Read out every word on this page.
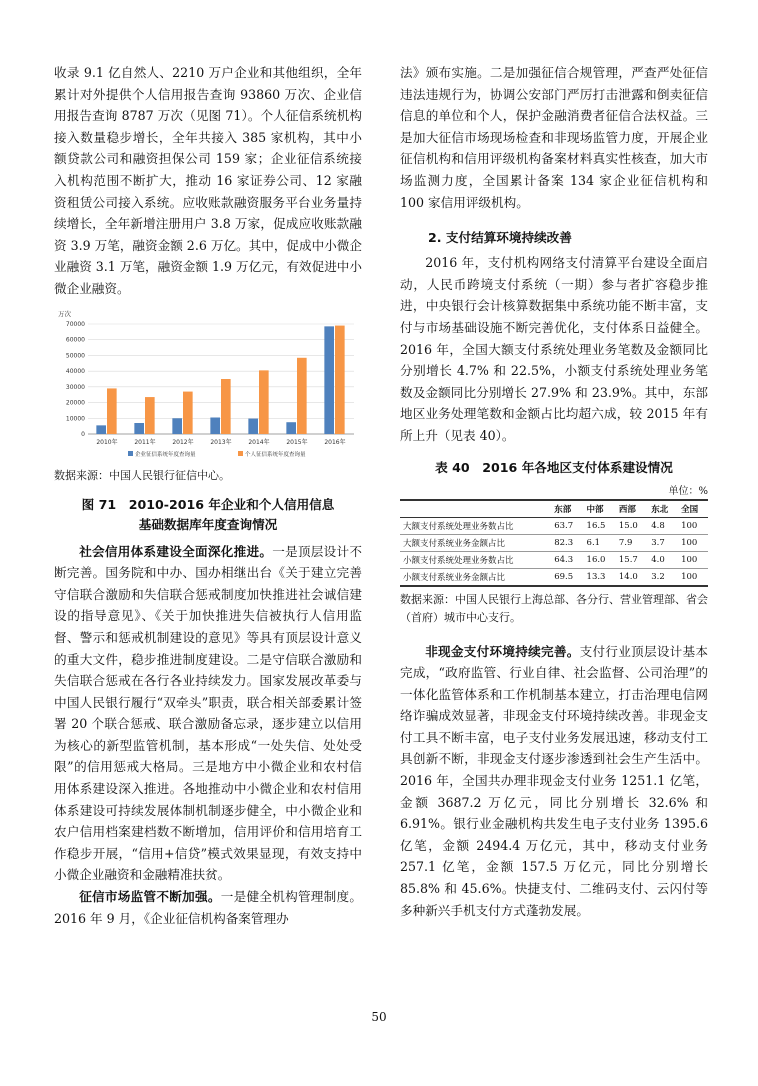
收录 9.1 亿自然人、2210 万户企业和其他组织，全年累计对外提供个人信用报告查询 93860 万次、企业信用报告查询 8787 万次（见图 71）。个人征信系统机构接入数量稳步增长，全年共接入 385 家机构，其中小额贷款公司和融资担保公司 159 家；企业征信系统接入机构范围不断扩大，推动 16 家证券公司、12 家融资租赁公司接入系统。应收账款融资服务平台业务量持续增长，全年新增注册用户 3.8 万家，促成应收账款融资 3.9 万笔，融资金额 2.6 万亿。其中，促成中小微企业融资 3.1 万笔，融资金额 1.9 万亿元，有效促进中小微企业融资。

万次
0
10000
20000
30000
40000
50000
60000
70000
2010年	2011年	2012年	2013年	2014年	2015年	2016年
企业征信系统年度查询量	个人征信系统年度查询量

数据来源：中国人民银行征信中心。

图 71　2010-2016 年企业和个人信用信息
基础数据库年度查询情况

社会信用体系建设全面深化推进。一是顶层设计不断完善。国务院和中办、国办相继出台《关于建立完善守信联合激励和失信联合惩戒制度加快推进社会诚信建设的指导意见》、《关于加快推进失信被执行人信用监督、警示和惩戒机制建设的意见》等具有顶层设计意义的重大文件，稳步推进制度建设。二是守信联合激励和失信联合惩戒在各行各业持续发力。国家发展改革委与中国人民银行履行“双牵头”职责，联合相关部委累计签署 20 个联合惩戒、联合激励备忘录，逐步建立以信用为核心的新型监管机制，基本形成“一处失信、处处受限”的信用惩戒大格局。三是地方中小微企业和农村信用体系建设深入推进。各地推动中小微企业和农村信用体系建设可持续发展体制机制逐步健全，中小微企业和农户信用档案建档数不断增加，信用评价和信用培育工作稳步开展，“信用+信贷”模式效果显现，有效支持中小微企业融资和金融精准扶贫。

征信市场监管不断加强。一是健全机构管理制度。2016 年 9 月，《企业征信机构备案管理办

法》颁布实施。二是加强征信合规管理，严查严处征信违法违规行为，协调公安部门严厉打击泄露和倒卖征信信息的单位和个人，保护金融消费者征信合法权益。三是加大征信市场现场检查和非现场监管力度，开展企业征信机构和信用评级机构备案材料真实性核查，加大市场监测力度，全国累计备案 134 家企业征信机构和 100 家信用评级机构。

2. 支付结算环境持续改善

2016 年，支付机构网络支付清算平台建设全面启动，人民币跨境支付系统（一期）参与者扩容稳步推进，中央银行会计核算数据集中系统功能不断丰富，支付与市场基础设施不断完善优化，支付体系日益健全。2016 年，全国大额支付系统处理业务笔数及金额同比分别增长 4.7% 和 22.5%，小额支付系统处理业务笔数及金额同比分别增长 27.9% 和 23.9%。其中，东部地区业务处理笔数和金额占比均超六成，较 2015 年有所上升（见表 40）。

表 40　2016 年各地区支付体系建设情况
单位：%
	东部	中部	西部	东北	全国
大额支付系统处理业务数占比	63.7	16.5	15.0	4.8	100
大额支付系统业务金额占比	82.3	6.1	7.9	3.7	100
小额支付系统处理业务数占比	64.3	16.0	15.7	4.0	100
小额支付系统业务金额占比	69.5	13.3	14.0	3.2	100

数据来源：中国人民银行上海总部、各分行、营业管理部、省会（首府）城市中心支行。

非现金支付环境持续完善。支付行业顶层设计基本完成，“政府监管、行业自律、社会监督、公司治理”的一体化监管体系和工作机制基本建立，打击治理电信网络诈骗成效显著，非现金支付环境持续改善。非现金支付工具不断丰富，电子支付业务发展迅速，移动支付工具创新不断，非现金支付逐步渗透到社会生产生活中。2016 年，全国共办理非现金支付业务 1251.1 亿笔，金额 3687.2 万亿元，同比分别增长 32.6% 和 6.91%。银行业金融机构共发生电子支付业务 1395.6 亿笔，金额 2494.4 万亿元，其中，移动支付业务 257.1 亿笔，金额 157.5 万亿元，同比分别增长 85.8% 和 45.6%。快捷支付、二维码支付、云闪付等多种新兴手机支付方式蓬勃发展。

50
